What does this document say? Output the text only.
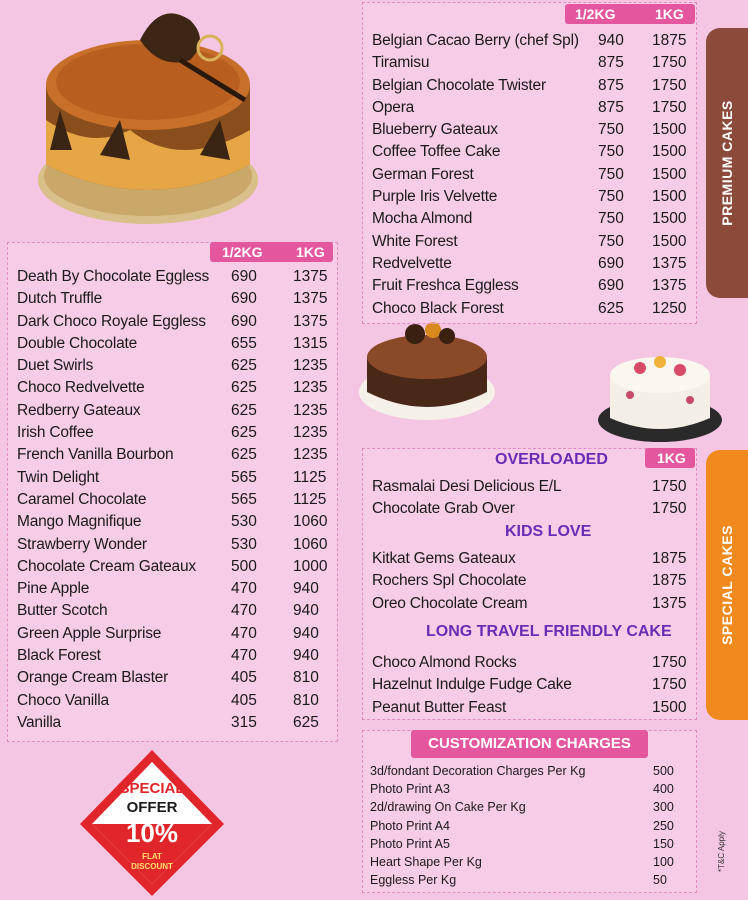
1/2KG 1KG
Death By Chocolate Eggless 690 1375
Dutch Truffle	690 1375
Dark Choco Royale Eggless 690 1375
Double Chocolate	655 1315
Duet Swirls	625 1235
Choco Redvelvette	625 1235
Redberry Gateaux	625 1235
Irish Coffee	625 1235
French Vanilla Bourbon	625 1235
Twin Delight	565 1125
Caramel Chocolate	565 1125
Mango Magnifique	530 1060
Strawberry Wonder	530 1060
Chocolate Cream Gateaux 500 1000
Pine Apple	470 940
Butter Scotch	470 940
Green Apple Surprise	470 940
Black Forest	470 940
Orange Cream Blaster	405 810
Choco Vanilla	405 810
Vanilla	315 625
1/2KG	1KG
Belgian Cacao Berry (chef Spl) 940 1875
Tiramisu	875 1750
Belgian Chocolate Twister	875 1750
Opera	875 1750
Blueberry Gateaux	750 1500
Coffee Toffee Cake	750 1500
German Forest	750 1500
Purple Iris Velvette	750 1500
Mocha Almond	750 1500
White Forest	750 1500
Redvelvette	690 1375
Fruit Freshca Eggless	690 1375
Choco Black Forest	625 1250
PREMIUM CAKES
1KG
OVERLOADED
Rasmalai Desi Delicious E/L	1750
Chocolate Grab Over	1750
KIDS LOVE
Kitkat Gems Gateaux	1875
Rochers Spl Chocolate	1875
Oreo Chocolate Cream	1375
LONG TRAVEL FRIENDLY CAKE
Choco Almond Rocks	1750
Hazelnut Indulge Fudge Cake	1750
Peanut Butter Feast	1500
SPECIAL CAKES
CUSTOMIZATION CHARGES
3d/fondant Decoration Charges Per Kg	500
Photo Print A3	400
2d/drawing On Cake Per Kg	300
Photo Print A4	250
Photo Print A5	150
Heart Shape Per Kg	100
Eggless Per Kg	50
SPECIAL
OFFER
10%
FLAT
DISCOUNT	*T&C Apply
